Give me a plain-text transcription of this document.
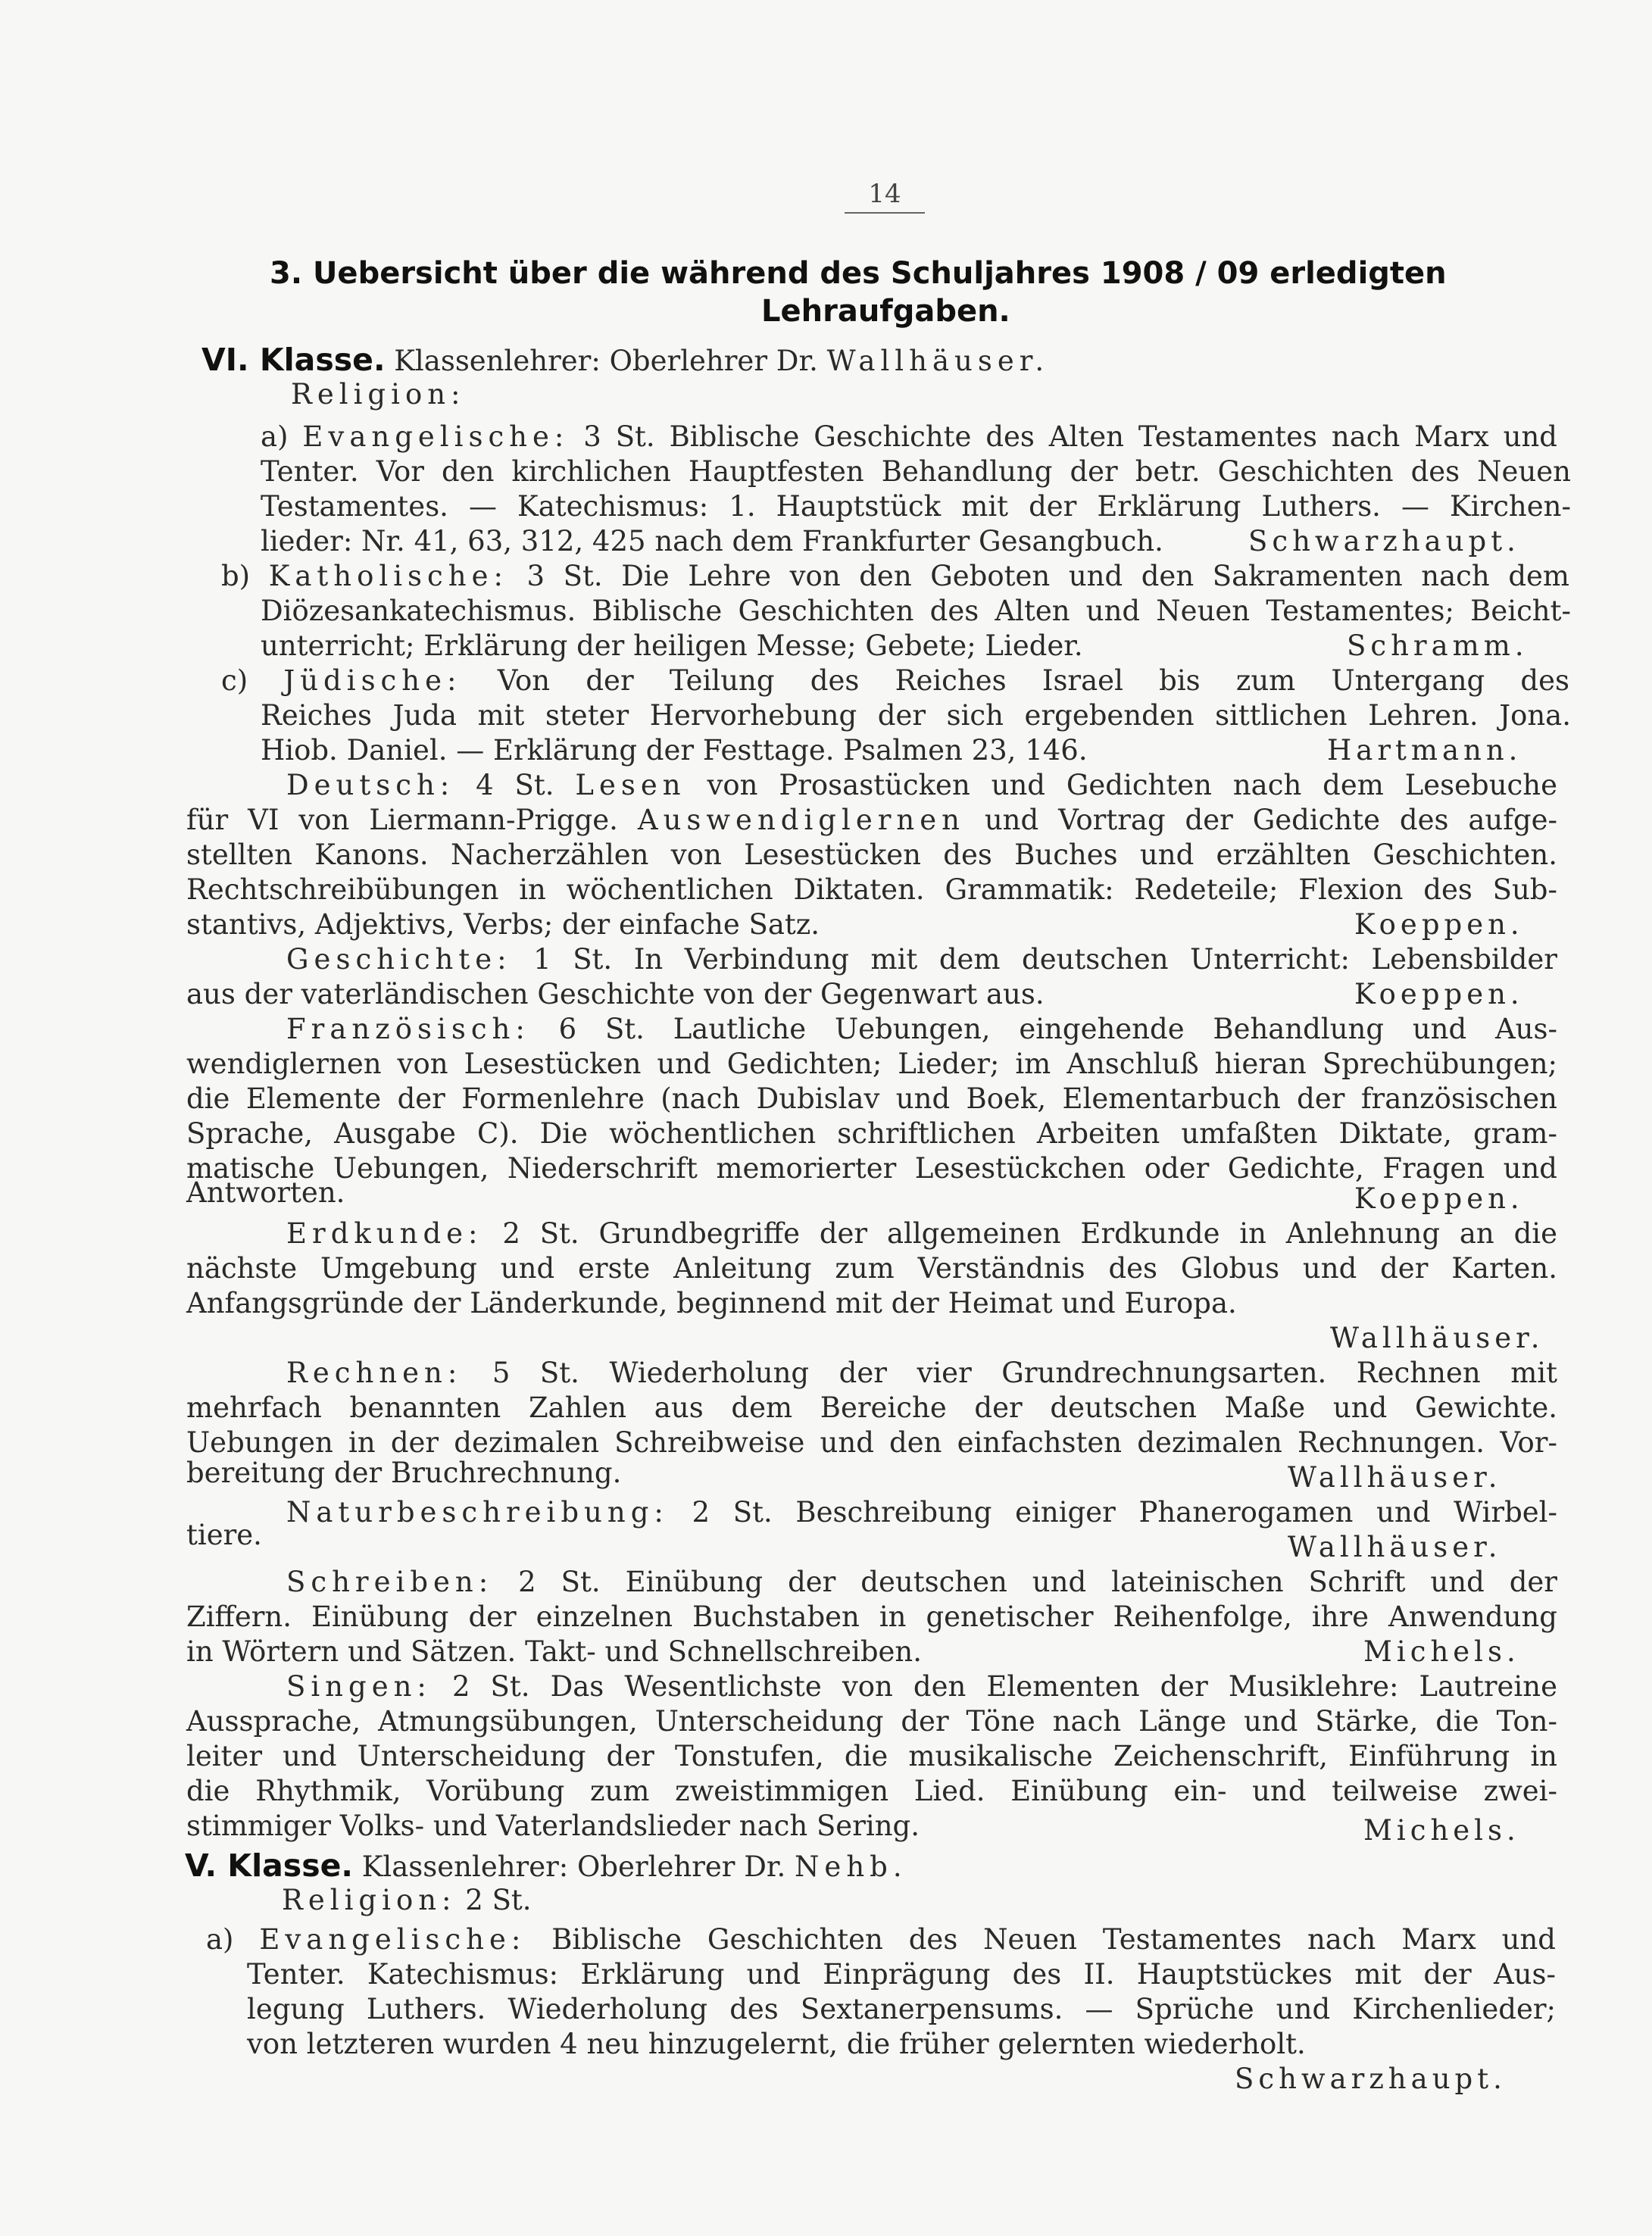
14
3. Uebersicht über die während des Schuljahres 1908 / 09 erledigten
Lehraufgaben.
VI. Klasse. Klassenlehrer: Oberlehrer Dr. Wallhäuser.
Religion:
a) Evangelische: 3 St. Biblische Geschichte des Alten Testamentes nach Marx und
Tenter. Vor den kirchlichen Hauptfesten Behandlung der betr. Geschichten des Neuen
Testamentes. — Katechismus: 1. Hauptstück mit der Erklärung Luthers. — Kirchen-
lieder: Nr. 41, 63, 312, 425 nach dem Frankfurter Gesangbuch.	Schwarzhaupt.
b) Katholische: 3 St. Die Lehre von den Geboten und den Sakramenten nach dem
Diözesankatechismus. Biblische Geschichten des Alten und Neuen Testamentes; Beicht-
unterricht; Erklärung der heiligen Messe; Gebete; Lieder.	Schramm.
c) Jüdische: Von der Teilung des Reiches Israel bis zum Untergang des
Reiches Juda mit steter Hervorhebung der sich ergebenden sittlichen Lehren. Jona.
Hiob. Daniel. — Erklärung der Festtage. Psalmen 23, 146.	Hartmann.
Deutsch: 4 St. Lesen von Prosastücken und Gedichten nach dem Lesebuche
für VI von Liermann-Prigge. Auswendiglernen und Vortrag der Gedichte des aufge-
stellten Kanons. Nacherzählen von Lesestücken des Buches und erzählten Geschichten.
Rechtschreibübungen in wöchentlichen Diktaten. Grammatik: Redeteile; Flexion des Sub-
stantivs, Adjektivs, Verbs; der einfache Satz.	Koeppen.
Geschichte: 1 St. In Verbindung mit dem deutschen Unterricht: Lebensbilder
aus der vaterländischen Geschichte von der Gegenwart aus.	Koeppen.
Französisch: 6 St. Lautliche Uebungen, eingehende Behandlung und Aus-
wendiglernen von Lesestücken und Gedichten; Lieder; im Anschluß hieran Sprechübungen;
die Elemente der Formenlehre (nach Dubislav und Boek, Elementarbuch der französischen
Sprache, Ausgabe C). Die wöchentlichen schriftlichen Arbeiten umfaßten Diktate, gram-
matische Uebungen, Niederschrift memorierter Lesestückchen oder Gedichte, Fragen und
Antworten.	Koeppen.
Erdkunde: 2 St. Grundbegriffe der allgemeinen Erdkunde in Anlehnung an die
nächste Umgebung und erste Anleitung zum Verständnis des Globus und der Karten.
Anfangsgründe der Länderkunde, beginnend mit der Heimat und Europa.
Wallhäuser.
Rechnen: 5 St. Wiederholung der vier Grundrechnungsarten. Rechnen mit
mehrfach benannten Zahlen aus dem Bereiche der deutschen Maße und Gewichte.
Uebungen in der dezimalen Schreibweise und den einfachsten dezimalen Rechnungen. Vor-
bereitung der Bruchrechnung.	Wallhäuser.
Naturbeschreibung: 2 St. Beschreibung einiger Phanerogamen und Wirbel-
tiere.	Wallhäuser.
Schreiben: 2 St. Einübung der deutschen und lateinischen Schrift und der
Ziffern. Einübung der einzelnen Buchstaben in genetischer Reihenfolge, ihre Anwendung
in Wörtern und Sätzen. Takt- und Schnellschreiben.	Michels.
Singen: 2 St. Das Wesentlichste von den Elementen der Musiklehre: Lautreine
Aussprache, Atmungsübungen, Unterscheidung der Töne nach Länge und Stärke, die Ton-
leiter und Unterscheidung der Tonstufen, die musikalische Zeichenschrift, Einführung in
die Rhythmik, Vorübung zum zweistimmigen Lied. Einübung ein- und teilweise zwei-
stimmiger Volks- und Vaterlandslieder nach Sering.	Michels.
V. Klasse. Klassenlehrer: Oberlehrer Dr. Nehb.
Religion: 2 St.
a) Evangelische: Biblische Geschichten des Neuen Testamentes nach Marx und
Tenter. Katechismus: Erklärung und Einprägung des II. Hauptstückes mit der Aus-
legung Luthers. Wiederholung des Sextanerpensums. — Sprüche und Kirchenlieder;
von letzteren wurden 4 neu hinzugelernt, die früher gelernten wiederholt.
Schwarzhaupt.
